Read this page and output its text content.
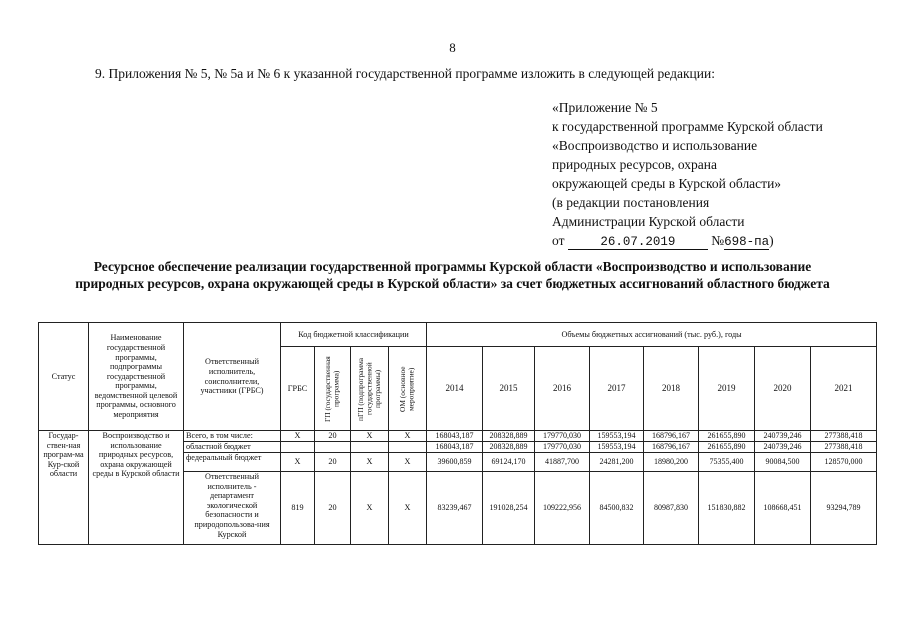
8
9. Приложения № 5, № 5а и № 6 к указанной государственной программе изложить в следующей редакции:
«Приложение № 5
к государственной программе Курской области
«Воспроизводство и использование
природных ресурсов, охрана
окружающей среды в Курской области»
(в редакции постановления
Администрации Курской области
от	26.07.2019	№698-па)
Ресурсное обеспечение реализации государственной программы Курской области «Воспроизводство и использование природных ресурсов, охрана окружающей среды в Курской области» за счет бюджетных ассигнований областного бюджета
Статус	Наименование государственной программы, подпрограммы государственной программы, ведомственной целевой программы, основного мероприятия	Ответственный исполнитель, соисполнители, участники (ГРБС)	Код бюджетной классификации				Объемы бюджетных ассигнований (тыс. руб.), годы							
			ГРБС	ГП (государственная программа)	пГП (подпрограмма государственной программы)	ОМ (основное мероприятие)	2014	2015	2016	2017	2018	2019	2020	2021
Государ-ствен-ная програм-ма Кур-ской области	Воспроизводство и использование природных ресурсов, охрана окружающей среды в Курской области	Всего, в том числе:	Х	20	Х	Х	168043,187	208328,889	179770,030	159553,194	168796,167	261655,890	240739,246	277388,418
		областной бюджет					168043,187	208328,889	179770,030	159553,194	168796,167	261655,890	240739,246	277388,418
		федеральный бюджет	Х	20	Х	Х	39600,859	69124,170	41887,700	24281,200	18980,200	75355,400	90084,500	128570,000
		Ответственный исполнитель - департамент экологической безопасности и природопользова-ния Курской	819	20	Х	Х	83239,467	191028,254	109222,956	84500,832	80987,830	151830,882	108668,451	93294,789
